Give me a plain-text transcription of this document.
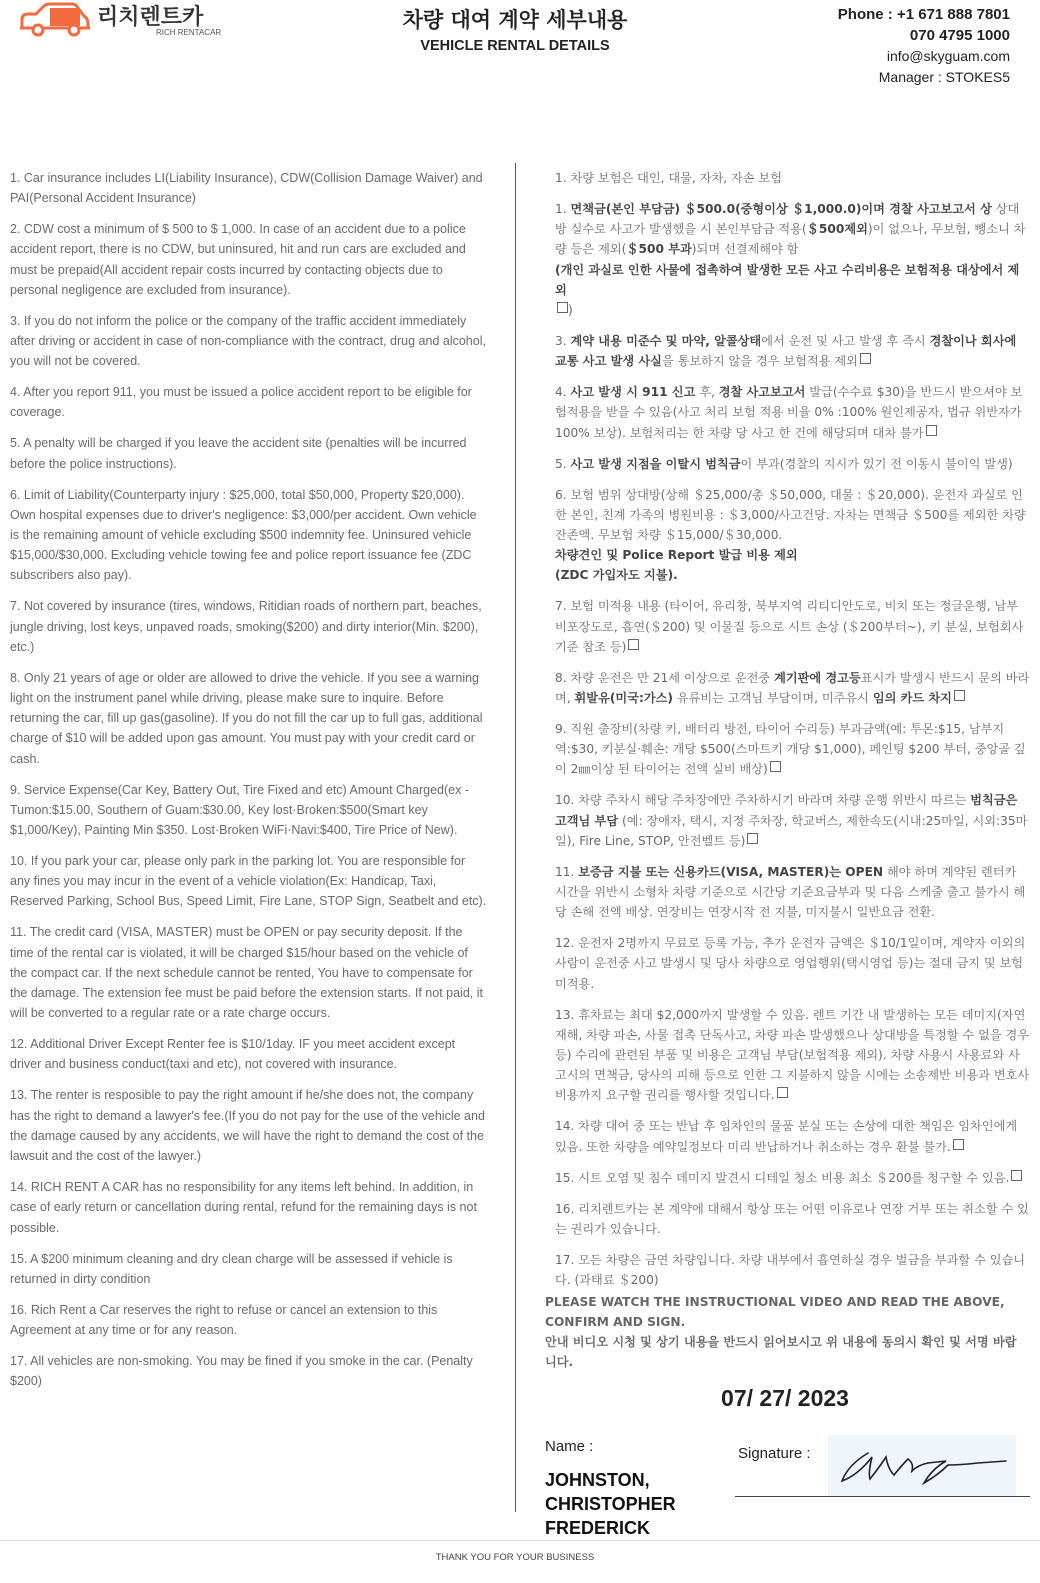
리치렌트카
RICH RENTACAR
차량 대여 계약 세부내용
VEHICLE RENTAL DETAILS
Phone : +1 671 888 7801
070 4795 1000
info@skyguam.com
Manager : STOKES5

1. Car insurance includes LI(Liability Insurance), CDW(Collision Damage Waiver) and PAI(Personal Accident Insurance)

2. CDW cost a minimum of $ 500 to $ 1,000. In case of an accident due to a police accident report, there is no CDW, but uninsured, hit and run cars are excluded and must be prepaid(All accident repair costs incurred by contacting objects due to personal negligence are excluded from insurance).

3. If you do not inform the police or the company of the traffic accident immediately after driving or accident in case of non-compliance with the contract, drug and alcohol, you will not be covered.

4. After you report 911, you must be issued a police accident report to be eligible for coverage.

5. A penalty will be charged if you leave the accident site (penalties will be incurred before the police instructions).

6. Limit of Liability(Counterparty injury : $25,000, total $50,000, Property $20,000). Own hospital expenses due to driver's negligence: $3,000/per accident. Own vehicle is the remaining amount of vehicle excluding $500 indemnity fee. Uninsured vehicle $15,000/$30,000. Excluding vehicle towing fee and police report issuance fee (ZDC subscribers also pay).

7. Not covered by insurance (tires, windows, Ritidian roads of northern part, beaches, jungle driving, lost keys, unpaved roads, smoking($200) and dirty interior(Min. $200), etc.)

8. Only 21 years of age or older are allowed to drive the vehicle. If you see a warning light on the instrument panel while driving, please make sure to inquire. Before returning the car, fill up gas(gasoline). If you do not fill the car up to full gas, additional charge of $10 will be added upon gas amount. You must pay with your credit card or cash.

9. Service Expense(Car Key, Battery Out, Tire Fixed and etc) Amount Charged(ex - Tumon:$15.00, Southern of Guam:$30.00, Key lost·Broken:$500(Smart key $1,000/Key), Painting Min $350. Lost·Broken WiFi·Navi:$400, Tire Price of New).

10. If you park your car, please only park in the parking lot. You are responsible for any fines you may incur in the event of a vehicle violation(Ex: Handicap, Taxi, Reserved Parking, School Bus, Speed Limit, Fire Lane, STOP Sign, Seatbelt and etc).

11. The credit card (VISA, MASTER) must be OPEN or pay security deposit. If the time of the rental car is violated, it will be charged $15/hour based on the vehicle of the compact car. If the next schedule cannot be rented, You have to compensate for the damage. The extension fee must be paid before the extension starts. If not paid, it will be converted to a regular rate or a rate charge occurs.

12. Additional Driver Except Renter fee is $10/1day. IF you meet accident except driver and business conduct(taxi and etc), not covered with insurance.

13. The renter is resposible to pay the right amount if he/she does not, the company has the right to demand a lawyer's fee.(If you do not pay for the use of the vehicle and the damage caused by any accidents, we will have the right to demand the cost of the lawsuit and the cost of the lawyer.)

14. RICH RENT A CAR has no responsibility for any items left behind. In addition, in case of early return or cancellation during rental, refund for the remaining days is not possible.

15. A $200 minimum cleaning and dry clean charge will be assessed if vehicle is returned in dirty condition

16. Rich Rent a Car reserves the right to refuse or cancel an extension to this Agreement at any time or for any reason.

17. All vehicles are non-smoking. You may be fined if you smoke in the car. (Penalty $200)

1. 차량 보험은 대인, 대물, 자차, 자손 보험

1. 면책금(본인 부담금) ＄500.0(중형이상 ＄1,000.0)이며 경찰 사고보고서 상 상대방 실수로 사고가 발생했을 시 본인부담금 적용(＄500제외)이 없으나, 무보험, 뺑소니 차량 등은 제외(＄500 부과)되며 선결제해야 함
(개인 과실로 인한 사물에 접촉하여 발생한 모든 사고 수리비용은 보험적용 대상에서 제외
)

3. 계약 내용 미준수 및 마약, 알콜상태에서 운전 및 사고 발생 후 즉시 경찰이나 회사에 교통 사고 발생 사실을 통보하지 않을 경우 보험적용 제외

4. 사고 발생 시 911 신고 후, 경찰 사고보고서 발급(수수료 $30)을 반드시 받으셔야 보험적용을 받을 수 있음(사고 처리 보험 적용 비율 0% :100% 원인제공자, 법규 위반자가 100% 보상). 보험처리는 한 차량 당 사고 한 건에 해당되며 대차 불가

5. 사고 발생 지점을 이탈시 범칙금이 부과(경찰의 지시가 있기 전 이동시 불이익 발생)

6. 보험 범위 상대방(상해 ＄25,000/총 ＄50,000, 대물 : ＄20,000). 운전자 과실로 인한 본인, 친계 가족의 병원비용 : ＄3,000/사고건당. 자차는 면책금 ＄500를 제외한 차량 잔존액. 무보험 차량 ＄15,000/＄30,000.
차량견인 및 Police Report 발급 비용 제외
(ZDC 가입자도 지불).

7. 보험 미적용 내용 (타이어, 유리창, 북부지역 리티디안도로, 비치 또는 정글운행, 남부 비포장도로, 흡연(＄200) 및 이물질 등으로 시트 손상 (＄200부터~), 키 분실, 보험회사 기준 참조 등)

8. 차량 운전은 만 21세 이상으로 운전중 계기판에 경고등표시가 발생시 반드시 문의 바라며, 휘발유(미국:가스) 유류비는 고객님 부담이며, 미주유시 임의 카드 차지

9. 직원 출장비(차량 키, 배터리 방전, 타이어 수리등) 부과금액(예: 투몬:$15, 남부지역:$30, 키분실·훼손: 개당 $500(스마트키 개당 $1,000), 페인팅 $200 부터, 중앙골 깊이 2㎜이상 된 타이어는 전액 실비 배상)

10. 차량 주차시 해당 주차장에만 주차하시기 바라며 차량 운행 위반시 따르는 범칙금은 고객님 부담 (예: 장애자, 택시, 지정 주차장, 학교버스, 제한속도(시내:25마일, 시외:35마일), Fire Line, STOP, 안전벨트 등)

11. 보증금 지불 또는 신용카드(VISA, MASTER)는 OPEN 해야 하며 계약된 렌터카 시간을 위반시 소형차 차량 기준으로 시간당 기준요금부과 및 다음 스케줄 출고 불가시 해당 손해 전액 배상. 연장비는 연장시작 전 지불, 미지불시 일반요금 전환.

12. 운전자 2명까지 무료로 등록 가능, 추가 운전자 금액은 ＄10/1일이며, 계약자 이외의 사람이 운전중 사고 발생시 및 당사 차량으로 영업행위(택시영업 등)는 절대 금지 및 보험 미적용.

13. 휴차료는 최대 $2,000까지 발생할 수 있음. 렌트 기간 내 발생하는 모든 데미지(자연재해, 차량 파손, 사물 접촉 단독사고, 차량 파손 발생했으나 상대방을 특정할 수 없을 경우 등) 수리에 관련된 부품 및 비용은 고객님 부담(보험적용 제외). 차량 사용시 사용료와 사고시의 면책금, 당사의 피해 등으로 인한 그 지불하지 않을 시에는 소송제반 비용과 변호사 비용까지 요구할 권리를 행사할 것입니다.

14. 차량 대여 중 또는 반납 후 임차인의 물품 분실 또는 손상에 대한 책임은 임차인에게 있음. 또한 차량을 예약일정보다 미리 반납하거나 취소하는 경우 환불 불가.

15. 시트 오염 및 침수 데미지 발견시 디테일 청소 비용 최소 ＄200를 청구할 수 있음.

16. 리치렌트카는 본 계약에 대해서 항상 또는 어떤 이유로나 연장 거부 또는 취소할 수 있는 권리가 있습니다.

17. 모든 차량은 금연 차량입니다. 차량 내부에서 흡연하실 경우 벌금을 부과할 수 있습니다. (과태료 ＄200)

PLEASE WATCH THE INSTRUCTIONAL VIDEO AND READ THE ABOVE, CONFIRM AND SIGN.
안내 비디오 시청 및 상기 내용을 반드시 읽어보시고 위 내용에 동의시 확인 및 서명 바랍니다.
07/ 27/ 2023
Name :
JOHNSTON, CHRISTOPHER FREDERICK
Signature :
THANK YOU FOR YOUR BUSINESS
